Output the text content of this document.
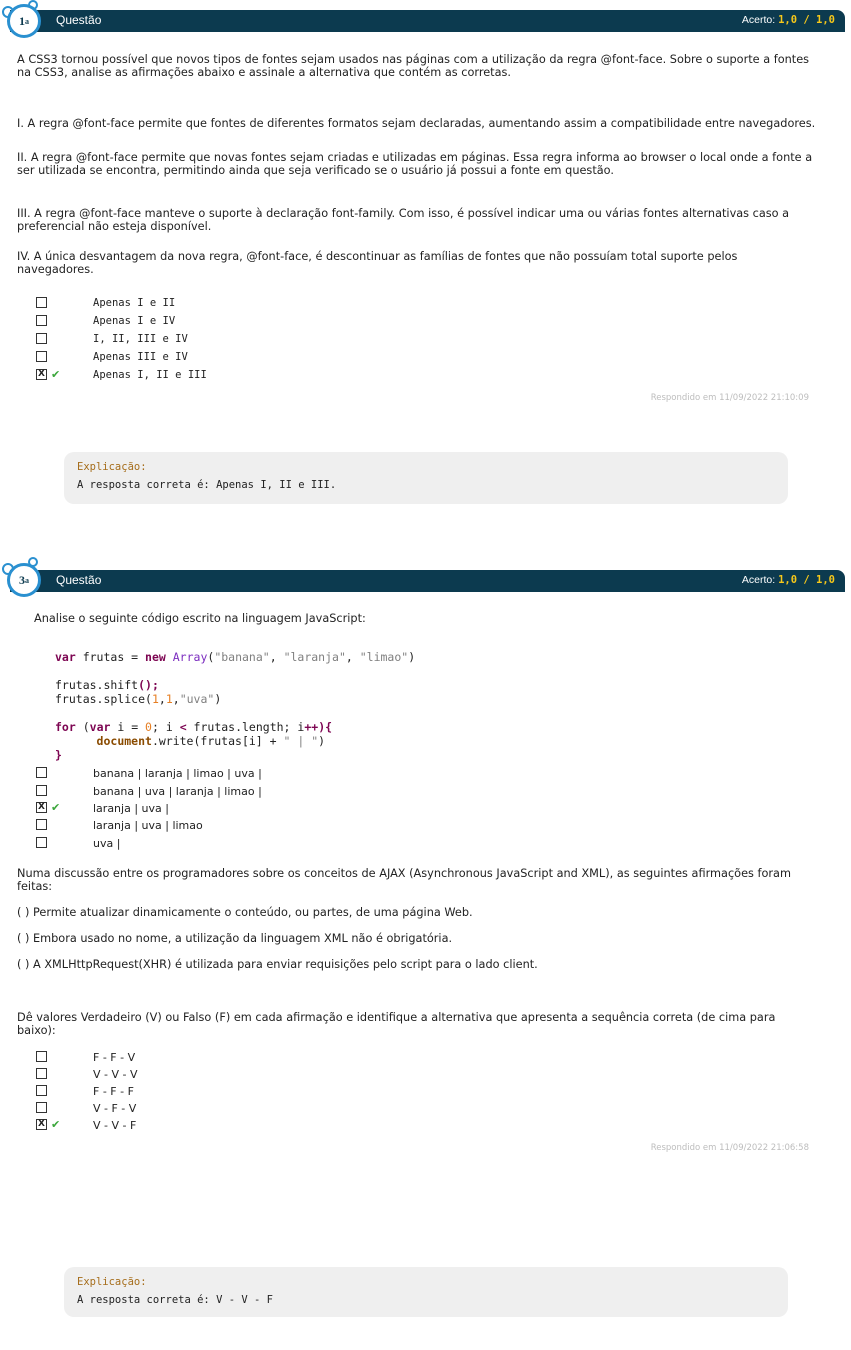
Questão	Acerto: 1,0 / 1,0
1 a

A CSS3 tornou possível que novos tipos de fontes sejam usados nas páginas com a utilização da regra @font-face. Sobre o suporte a fontes na CSS3, analise as afirmações abaixo e assinale a alternativa que contém as corretas.

I. A regra @font-face permite que fontes de diferentes formatos sejam declaradas, aumentando assim a compatibilidade entre navegadores.

II. A regra @font-face permite que novas fontes sejam criadas e utilizadas em páginas. Essa regra informa ao browser o local onde a fonte a ser utilizada se encontra, permitindo ainda que seja verificado se o usuário já possui a fonte em questão.

III. A regra @font-face manteve o suporte à declaração font-family. Com isso, é possível indicar uma ou várias fontes alternativas caso a preferencial não esteja disponível.

IV. A única desvantagem da nova regra, @font-face, é descontinuar as famílias de fontes que não possuíam total suporte pelos navegadores.

Apenas I e II
Apenas I e IV
I, II, III e IV
Apenas III e IV
X ✔	Apenas I, II e III
Respondido em 11/09/2022 21:10:09
Explicação:
A resposta correta é: Apenas I, II e III.
Questão	Acerto: 1,0 / 1,0
3 a

Analise o seguinte código escrito na linguagem JavaScript:

var frutas = new Array("banana", "laranja", "limao")

frutas.shift();
frutas.splice(1,1,"uva")

for (var i = 0; i < frutas.length; i++){
document.write(frutas[i] + " | ")
}

banana | laranja | limao | uva |
banana | uva | laranja | limao |
X ✔	laranja | uva |
laranja | uva | limao
uva |

Numa discussão entre os programadores sobre os conceitos de AJAX (Asynchronous JavaScript and XML), as seguintes afirmações foram feitas:

( ) Permite atualizar dinamicamente o conteúdo, ou partes, de uma página Web.

( ) Embora usado no nome, a utilização da linguagem XML não é obrigatória.

( ) A XMLHttpRequest(XHR) é utilizada para enviar requisições pelo script para o lado client.

Dê valores Verdadeiro (V) ou Falso (F) em cada afirmação e identifique a alternativa que apresenta a sequência correta (de cima para baixo):

F - F - V
V - V - V
F - F - F
V - F - V
X ✔	V - V - F
Respondido em 11/09/2022 21:06:58
Explicação:
A resposta correta é: V - V - F
